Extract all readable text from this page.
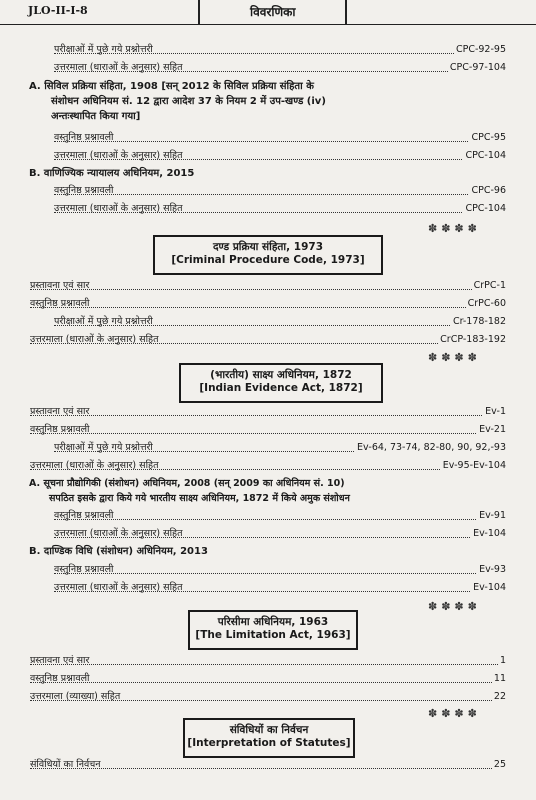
JLO-II-I-8	विवरणिका
परीक्षाओं में पुछे गये प्रश्नोत्तरी	CPC-92-95
उत्तरमाला (धाराओं के अनुसार) सहित	CPC-97-104
A. सिविल प्रक्रिया संहिता, 1908 [सन् 2012 के सिविल प्रक्रिया संहिता के
संशोधन अधिनियम सं. 12 द्वारा आदेश 37 के नियम 2 में उप-खण्ड (iv)
अन्तःस्थापित किया गया]
वस्तुनिष्ठ प्रश्नावली	CPC-95
उत्तरमाला (धाराओं के अनुसार) सहित	CPC-104
B. वाणिज्यिक न्यायालय अधिनियम, 2015
वस्तुनिष्ठ प्रश्नावली	CPC-96
उत्तरमाला (धाराओं के अनुसार) सहित	CPC-104
✽✽✽✽
दण्ड प्रक्रिया संहिता, 1973
[Criminal Procedure Code, 1973]
प्रस्तावना एवं सार	CrPC-1
वस्तुनिष्ठ प्रश्नावली	CrPC-60
परीक्षाओं में पुछे गये प्रश्नोत्तरी	Cr-178-182
उत्तरमाला (धाराओं के अनुसार) सहित	CrCP-183-192
✽✽✽✽
(भारतीय) साक्ष्य अधिनियम, 1872
[Indian Evidence Act, 1872]
प्रस्तावना एवं सार	Ev-1
वस्तुनिष्ठ प्रश्नावली	Ev-21
परीक्षाओं में पुछे गये प्रश्नोत्तरी	Ev-64, 73-74, 82-80, 90, 92,-93
उत्तरमाला (धाराओं के अनुसार) सहित	Ev-95-Ev-104
A. सूचना प्रौद्योगिकी (संशोधन) अधिनियम, 2008 (सन् 2009 का अधिनियम सं. 10)
सपठित इसके द्वारा किये गये भारतीय साक्ष्य अधिनियम, 1872 में किये अमुक संशोधन
वस्तुनिष्ठ प्रश्नावली	Ev-91
उत्तरमाला (धाराओं के अनुसार) सहित	Ev-104
B. दाण्डिक विधि (संशोधन) अधिनियम, 2013
वस्तुनिष्ठ प्रश्नावली	Ev-93
उत्तरमाला (धाराओं के अनुसार) सहित	Ev-104
✽✽✽✽
परिसीमा अधिनियम, 1963
[The Limitation Act, 1963]
प्रस्तावना एवं सार	1
वस्तुनिष्ठ प्रश्नावली	11
उत्तरमाला (व्याख्या) सहित	22
✽✽✽✽
संविधियों का निर्वचन
[Interpretation of Statutes]
संविधियों का निर्वचन	25
